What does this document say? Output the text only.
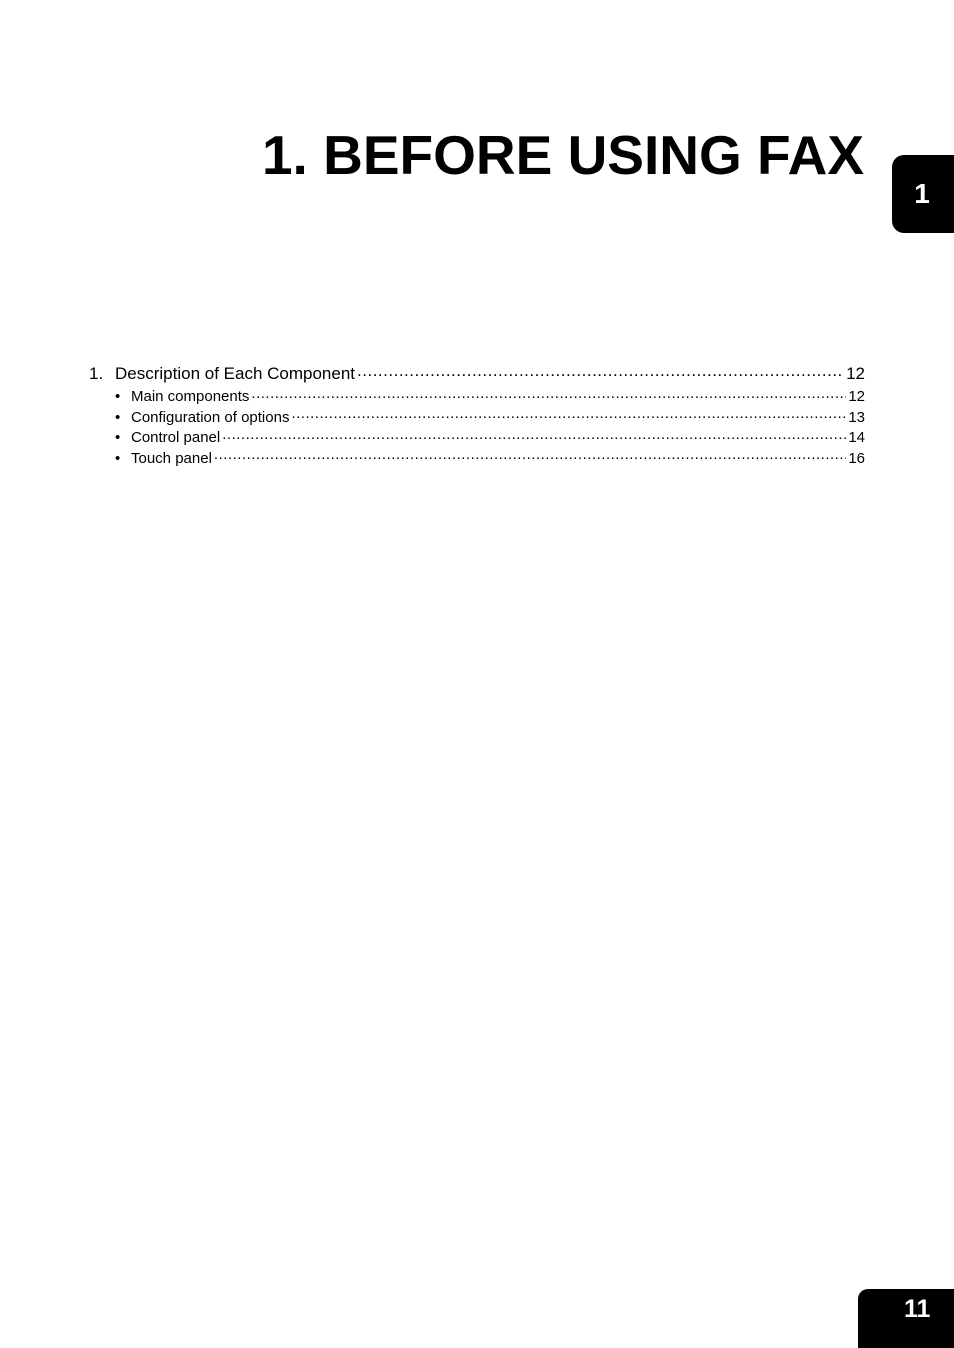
1. BEFORE USING FAX
1
1. Description of Each Component .....	12
• Main components .....	12
• Configuration of options .....	13
• Control panel .....	14
• Touch panel .....	16
11
